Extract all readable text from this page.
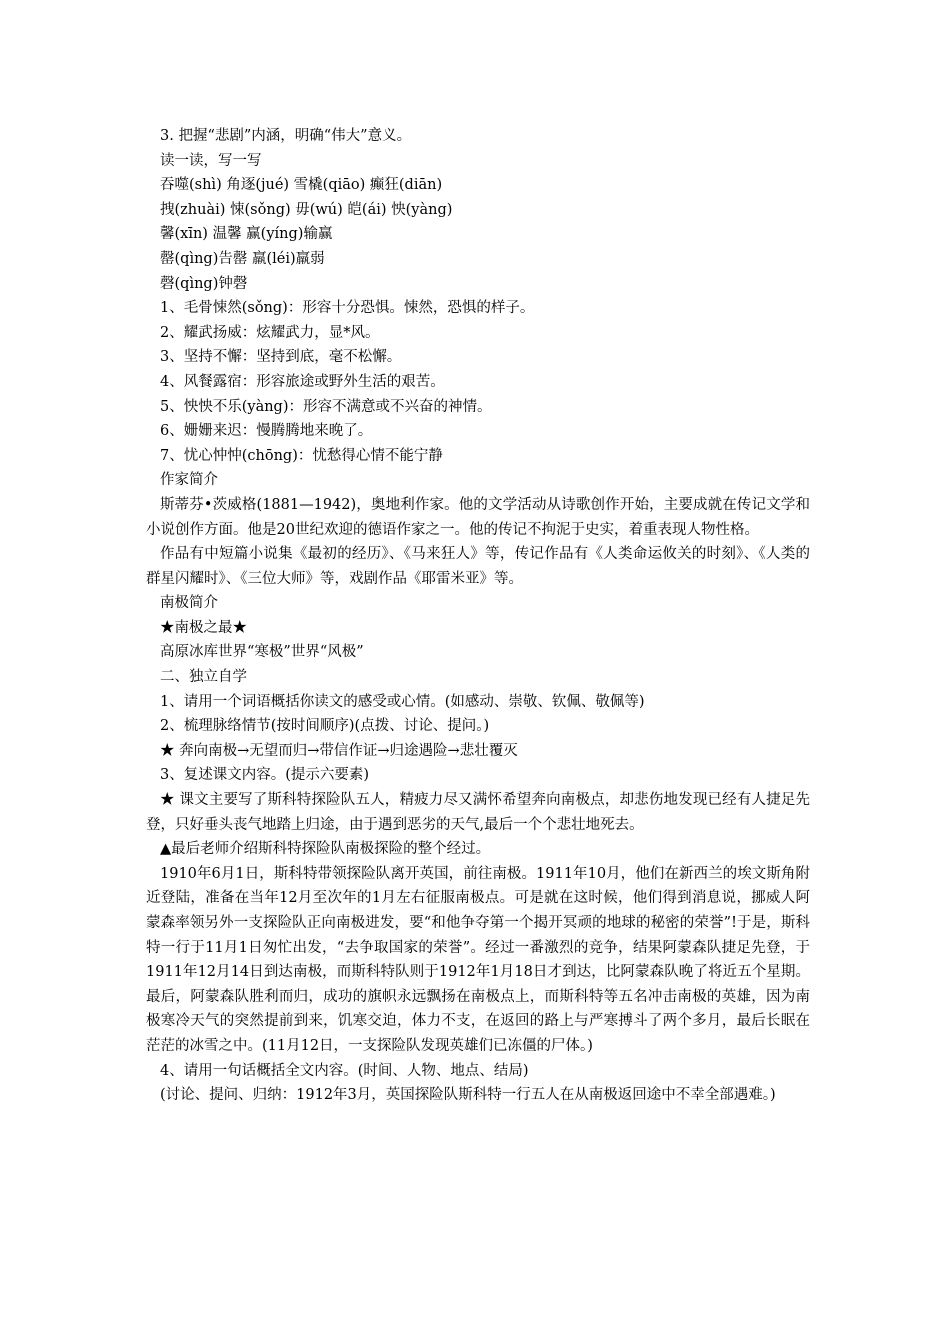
3. 把握“悲剧”内涵，明确“伟大”意义。
读一读，写一写
吞噬(shì) 角逐(jué) 雪橇(qiāo) 癫狂(diān)
拽(zhuài) 悚(sǒng) 毋(wú) 皑(ái) 怏(yàng)
馨(xīn) 温馨 赢(yíng)输赢
罄(qìng)告罄 羸(léi)羸弱
磬(qìng)钟磬
1、毛骨悚然(sǒng)：形容十分恐惧。悚然，恐惧的样子。
2、耀武扬威：炫耀武力，显*风。
3、坚持不懈：坚持到底，毫不松懈。
4、风餐露宿：形容旅途或野外生活的艰苦。
5、怏怏不乐(yàng)：形容不满意或不兴奋的神情。
6、姗姗来迟：慢腾腾地来晚了。
7、忧心忡忡(chōng)：忧愁得心情不能宁静
作家简介
斯蒂芬•茨威格(1881—1942)，奥地利作家。他的文学活动从诗歌创作开始，主要成就在传记文学和小说创作方面。他是20世纪欢迎的德语作家之一。他的传记不拘泥于史实，着重表现人物性格。
作品有中短篇小说集《最初的经历》、《马来狂人》等，传记作品有《人类命运攸关的时刻》、《人类的群星闪耀时》、《三位大师》等，戏剧作品《耶雷米亚》等。
南极简介
★南极之最★
高原冰库世界“寒极”世界“风极”
二、独立自学
1、请用一个词语概括你读文的感受或心情。(如感动、崇敬、钦佩、敬佩等)
2、梳理脉络情节(按时间顺序)(点拨、讨论、提问。)
★ 奔向南极→无望而归→带信作证→归途遇险→悲壮覆灭
3、复述课文内容。(提示六要素)
★ 课文主要写了斯科特探险队五人，精疲力尽又满怀希望奔向南极点，却悲伤地发现已经有人捷足先登，只好垂头丧气地踏上归途，由于遇到恶劣的天气,最后一个个悲壮地死去。
▲最后老师介绍斯科特探险队南极探险的整个经过。
1910年6月1日，斯科特带领探险队离开英国，前往南极。1911年10月，他们在新西兰的埃文斯角附近登陆，准备在当年12月至次年的1月左右征服南极点。可是就在这时候，他们得到消息说，挪威人阿蒙森率领另外一支探险队正向南极进发，要“和他争夺第一个揭开冥顽的地球的秘密的荣誉”!于是，斯科特一行于11月1日匆忙出发，“去争取国家的荣誉”。经过一番激烈的竞争，结果阿蒙森队捷足先登，于1911年12月14日到达南极，而斯科特队则于1912年1月18日才到达，比阿蒙森队晚了将近五个星期。最后，阿蒙森队胜利而归，成功的旗帜永远飘扬在南极点上，而斯科特等五名冲击南极的英雄，因为南极寒冷天气的突然提前到来，饥寒交迫，体力不支，在返回的路上与严寒搏斗了两个多月，最后长眠在茫茫的冰雪之中。(11月12日，一支探险队发现英雄们已冻僵的尸体。)
4、请用一句话概括全文内容。(时间、人物、地点、结局)
(讨论、提问、归纳：1912年3月，英国探险队斯科特一行五人在从南极返回途中不幸全部遇难。)
